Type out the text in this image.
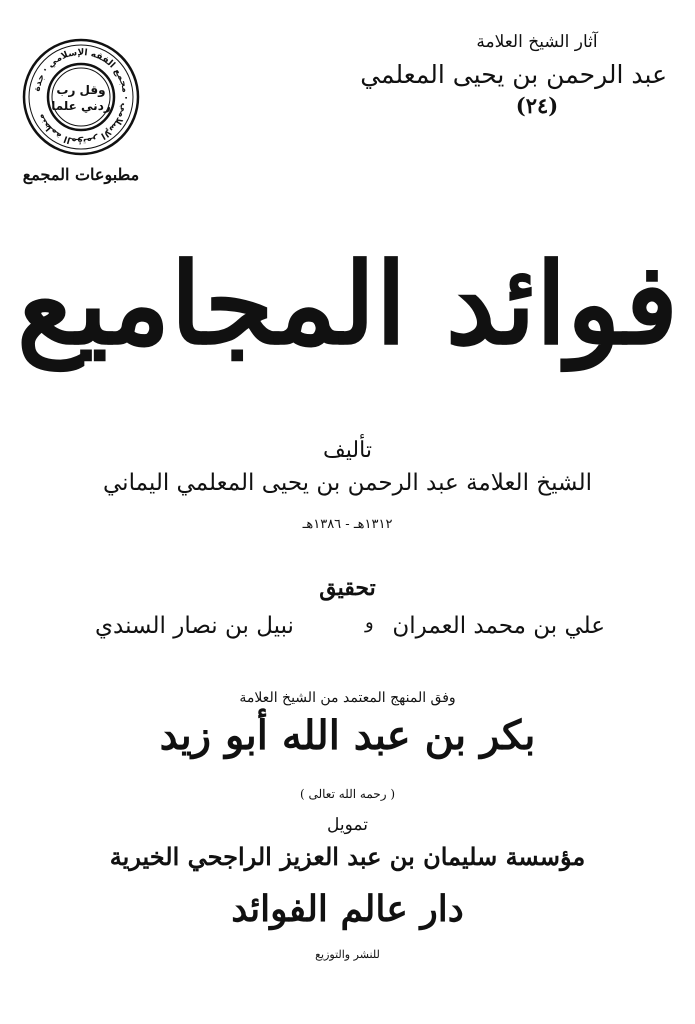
آثار الشيخ العلامة
عبد الرحمن بن يحيى المعلمي
(٢٤)
منظمة المؤتمر الإسلامي · مجمع الفقه الإسلامي · جدة
وقل رب
زدني علما
مطبوعات المجمع
فوائد المجاميع
تأليف
الشيخ العلامة عبد الرحمن بن يحيى المعلمي اليماني
١٣١٢هـ - ١٣٨٦هـ
تحقيق
علي بن محمد العمران
و
نبيل بن نصار السندي
وفق المنهج المعتمد من الشيخ العلامة
بكر بن عبد الله أبو زيد
( رحمه الله تعالى )
تمويل
مؤسسة سليمان بن عبد العزيز الراجحي الخيرية
دار عالم الفوائد
للنشر والتوزيع
